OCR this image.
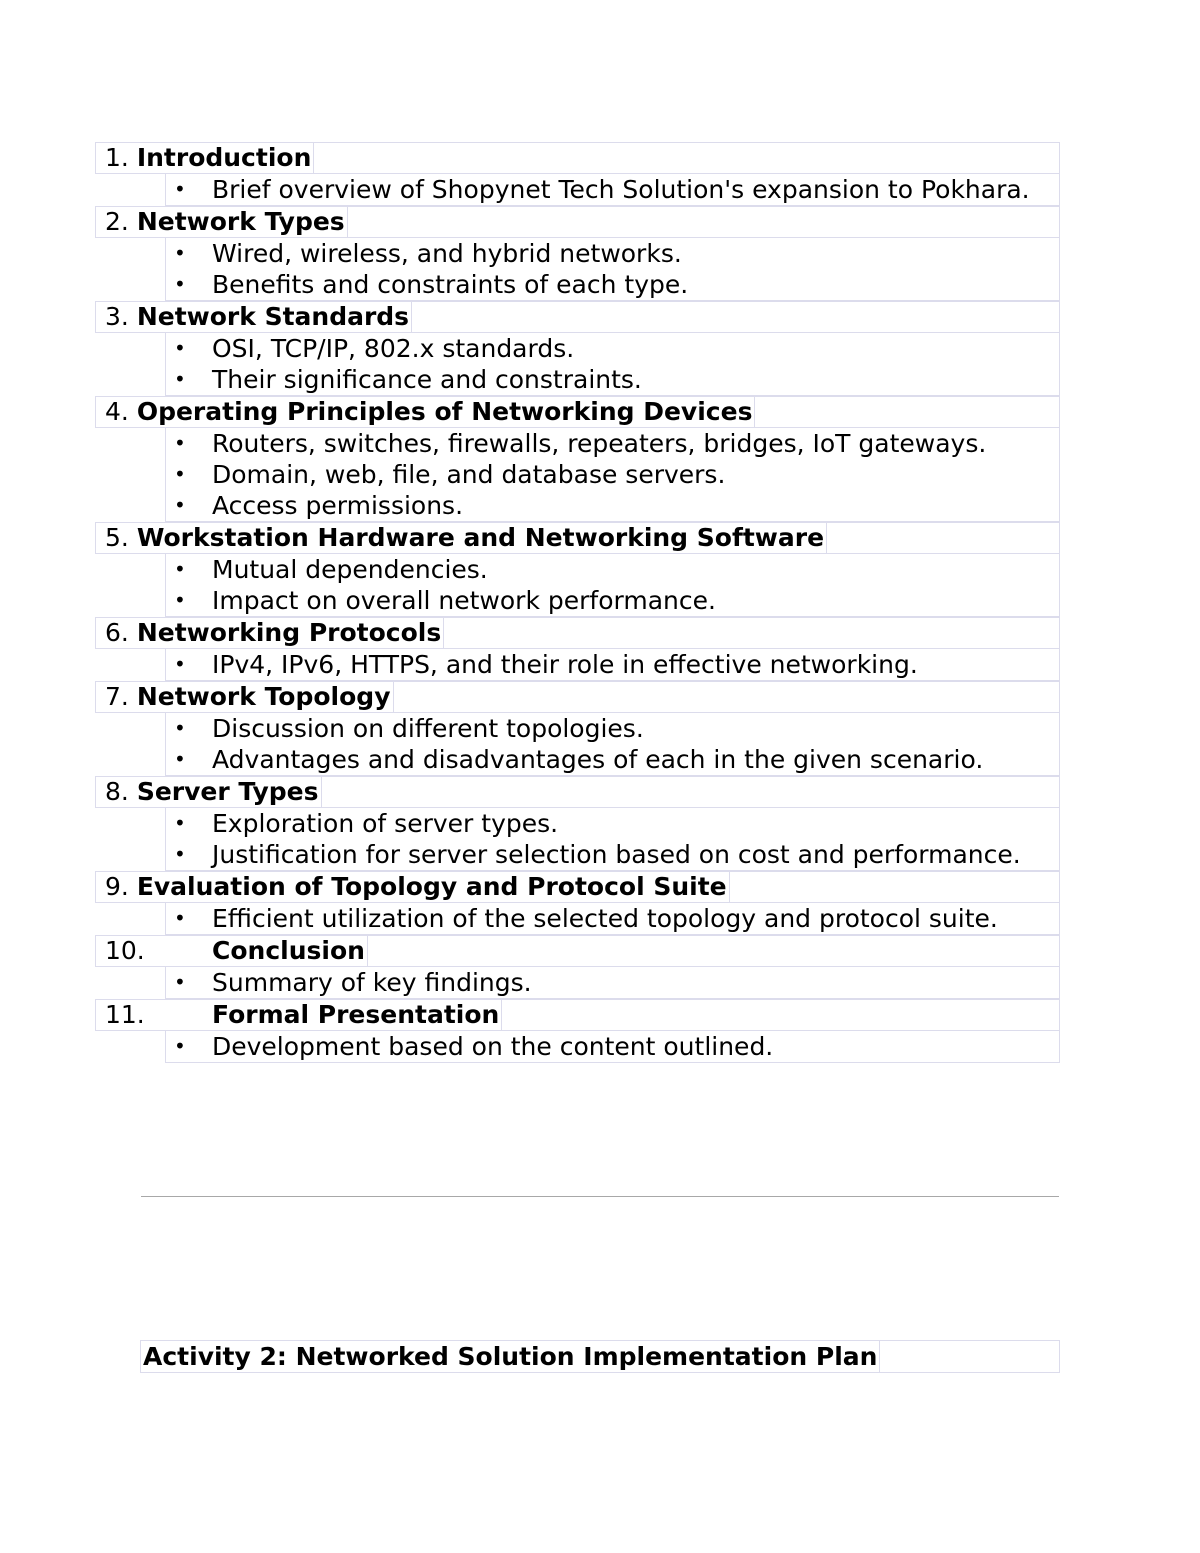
1. Introduction
• Brief overview of Shopynet Tech Solution's expansion to Pokhara.
2. Network Types
• Wired, wireless, and hybrid networks.
• Benefits and constraints of each type.
3. Network Standards
• OSI, TCP/IP, 802.x standards.
• Their significance and constraints.
4. Operating Principles of Networking Devices
• Routers, switches, firewalls, repeaters, bridges, IoT gateways.
• Domain, web, file, and database servers.
• Access permissions.
5. Workstation Hardware and Networking Software
• Mutual dependencies.
• Impact on overall network performance.
6. Networking Protocols
• IPv4, IPv6, HTTPS, and their role in effective networking.
7. Network Topology
• Discussion on different topologies.
• Advantages and disadvantages of each in the given scenario.
8. Server Types
• Exploration of server types.
• Justification for server selection based on cost and performance.
9. Evaluation of Topology and Protocol Suite
• Efficient utilization of the selected topology and protocol suite.
10.	Conclusion
• Summary of key findings.
11.	Formal Presentation
• Development based on the content outlined.
Activity 2: Networked Solution Implementation Plan
